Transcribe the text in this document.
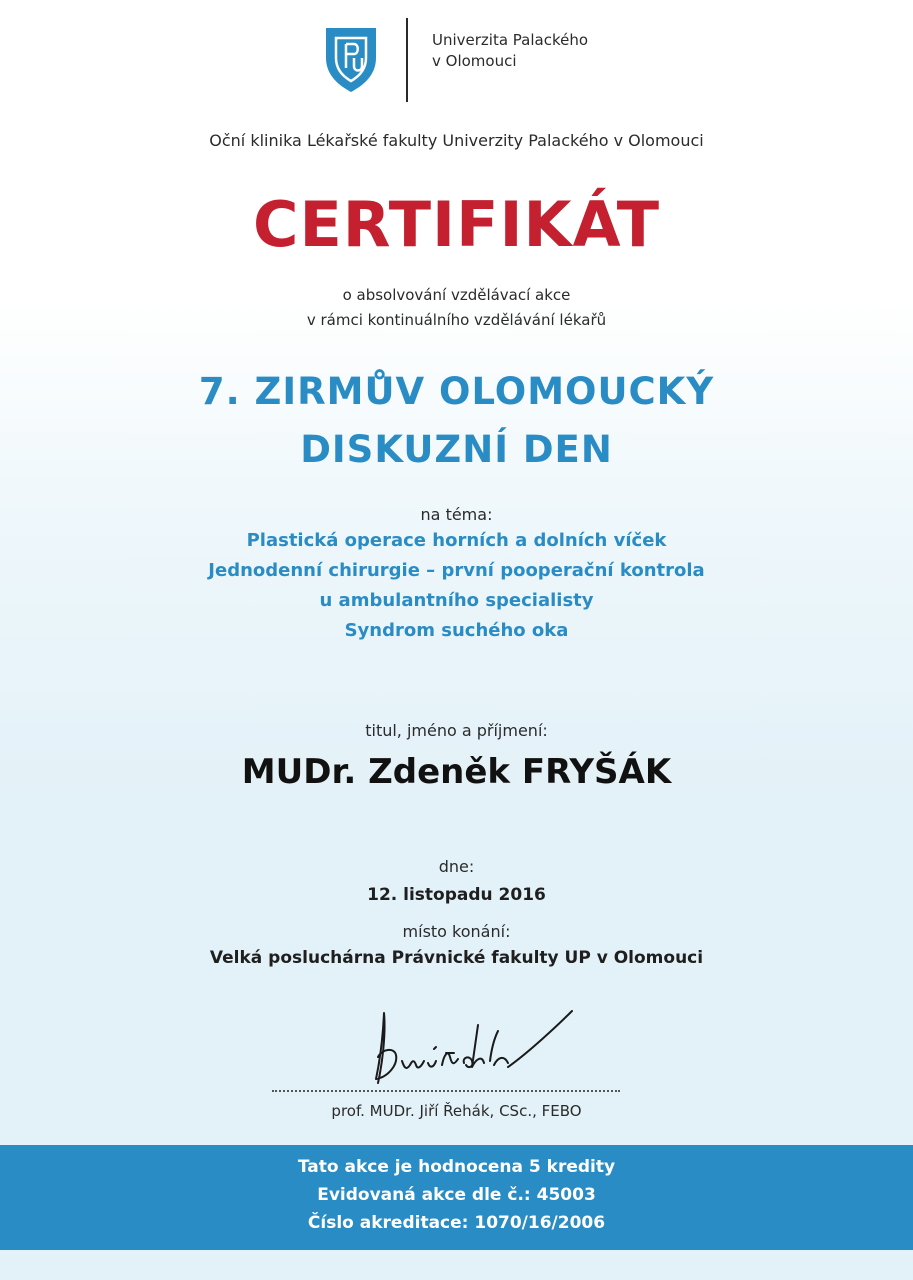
Univerzita Palackého
v Olomouci
Oční klinika Lékařské fakulty Univerzity Palackého v Olomouci
CERTIFIKÁT
o absolvování vzdělávací akce
v rámci kontinuálního vzdělávání lékařů
7. ZIRMŮV OLOMOUCKÝ
DISKUZNÍ DEN
na téma:
Plastická operace horních a dolních víček
Jednodenní chirurgie – první pooperační kontrola
u ambulantního specialisty
Syndrom suchého oka
titul, jméno a příjmení:
MUDr. Zdeněk FRYŠÁK
dne:
12. listopadu 2016
místo konání:
Velká posluchárna Právnické fakulty UP v Olomouci
prof. MUDr. Jiří Řehák, CSc., FEBO
Tato akce je hodnocena 5 kredity
Evidovaná akce dle č.: 45003
Číslo akreditace: 1070/16/2006
